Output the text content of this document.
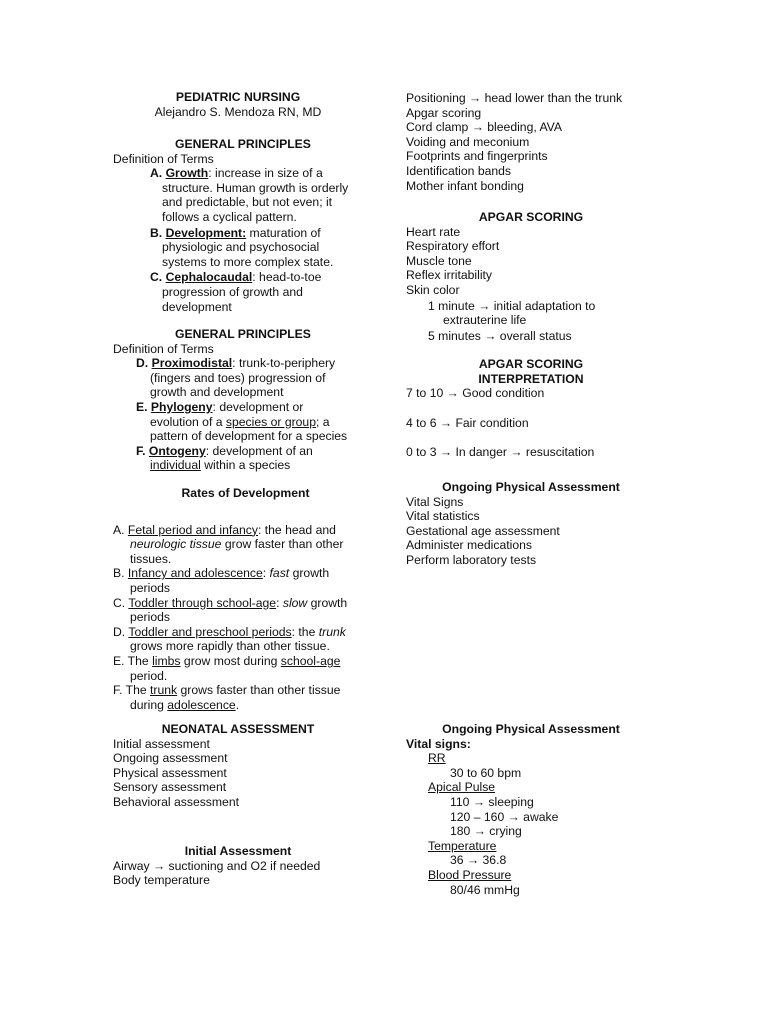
PEDIATRIC NURSING
Alejandro S. Mendoza RN, MD
GENERAL PRINCIPLES
Definition of Terms
A. Growth: increase in size of a
structure. Human growth is orderly
and predictable, but not even; it
follows a cyclical pattern.
B. Development: maturation of
physiologic and psychosocial
systems to more complex state.
C. Cephalocaudal: head-to-toe
progression of growth and
development
GENERAL PRINCIPLES
Definition of Terms
D. Proximodistal: trunk-to-periphery
(fingers and toes) progression of
growth and development
E. Phylogeny: development or
evolution of a species or group; a
pattern of development for a species
F. Ontogeny: development of an
individual within a species
Rates of Development
A. Fetal period and infancy: the head and
neurologic tissue grow faster than other
tissues.
B. Infancy and adolescence: fast growth
periods
C. Toddler through school-age: slow growth
periods
D. Toddler and preschool periods: the trunk
grows more rapidly than other tissue.
E. The limbs grow most during school-age
period.
F. The trunk grows faster than other tissue
during adolescence.
NEONATAL ASSESSMENT
Initial assessment
Ongoing assessment
Physical assessment
Sensory assessment
Behavioral assessment
Initial Assessment
Airway → suctioning and O2 if needed
Body temperature
Positioning → head lower than the trunk
Apgar scoring
Cord clamp → bleeding, AVA
Voiding and meconium
Footprints and fingerprints
Identification bands
Mother infant bonding
APGAR SCORING
Heart rate
Respiratory effort
Muscle tone
Reflex irritability
Skin color
1 minute → initial adaptation to
extrauterine life
5 minutes → overall status
APGAR SCORING
INTERPRETATION
7 to 10 → Good condition
4 to 6 → Fair condition
0 to 3 → In danger → resuscitation
Ongoing Physical Assessment
Vital Signs
Vital statistics
Gestational age assessment
Administer medications
Perform laboratory tests
Ongoing Physical Assessment
Vital signs:
RR
30 to 60 bpm
Apical Pulse
110 → sleeping
120 – 160 → awake
180 → crying
Temperature
36 → 36.8
Blood Pressure
80/46 mmHg
